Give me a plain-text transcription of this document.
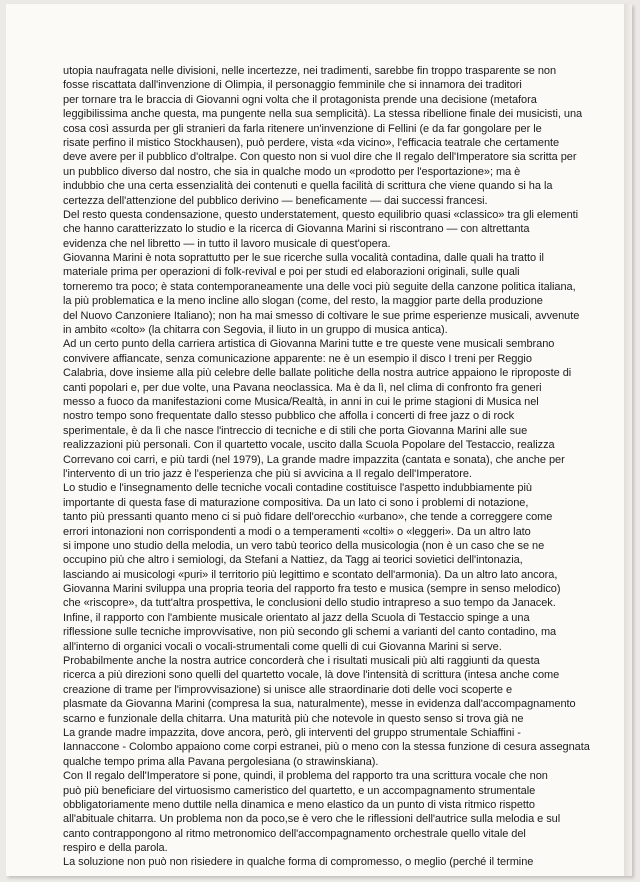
utopia naufragata nelle divisioni, nelle incertezze, nei tradimenti, sarebbe fin troppo trasparente se non
fosse riscattata dall'invenzione di Olimpia, il personaggio femminile che si innamora dei traditori
per tornare tra le braccia di Giovanni ogni volta che il protagonista prende una decisione (metafora
leggibilissima anche questa, ma pungente nella sua semplicità). La stessa ribellione finale dei musicisti, una
cosa così assurda per gli stranieri da farla ritenere un'invenzione di Fellini (e da far gongolare per le
risate perfino il mistico Stockhausen), può perdere, vista «da vicino», l'efficacia teatrale che certamente
deve avere per il pubblico d'oltralpe. Con questo non si vuol dire che Il regalo dell'Imperatore sia scritta per
un pubblico diverso dal nostro, che sia in qualche modo un «prodotto per l'esportazione»; ma è
indubbio che una certa essenzialità dei contenuti e quella facilità di scrittura che viene quando si ha la
certezza dell'attenzione del pubblico derivino — beneficamente — dai successi francesi.
Del resto questa condensazione, questo understatement, questo equilibrio quasi «classico» tra gli elementi
che hanno caratterizzato lo studio e la ricerca di Giovanna Marini si riscontrano — con altrettanta
evidenza che nel libretto — in tutto il lavoro musicale di quest'opera.
Giovanna Marini è nota soprattutto per le sue ricerche sulla vocalità contadina, dalle quali ha tratto il
materiale prima per operazioni di folk-revival e poi per studi ed elaborazioni originali, sulle quali
torneremo tra poco; è stata contemporaneamente una delle voci più seguite della canzone politica italiana,
la più problematica e la meno incline allo slogan (come, del resto, la maggior parte della produzione
del Nuovo Canzoniere Italiano); non ha mai smesso di coltivare le sue prime esperienze musicali, avvenute
in ambito «colto» (la chitarra con Segovia, il liuto in un gruppo di musica antica).
Ad un certo punto della carriera artistica di Giovanna Marini tutte e tre queste vene musicali sembrano
convivere affiancate, senza comunicazione apparente: ne è un esempio il disco I treni per Reggio
Calabria, dove insieme alla più celebre delle ballate politiche della nostra autrice appaiono le riproposte di
canti popolari e, per due volte, una Pavana neoclassica. Ma è da lì, nel clima di confronto fra generi
messo a fuoco da manifestazioni come Musica/Realtà, in anni in cui le prime stagioni di Musica nel
nostro tempo sono frequentate dallo stesso pubblico che affolla i concerti di free jazz o di rock
sperimentale, è da lì che nasce l'intreccio di tecniche e di stili che porta Giovanna Marini alle sue
realizzazioni più personali. Con il quartetto vocale, uscito dalla Scuola Popolare del Testaccio, realizza
Correvano coi carri, e più tardi (nel 1979), La grande madre impazzita (cantata e sonata), che anche per
l'intervento di un trio jazz è l'esperienza che più si avvicina a Il regalo dell'Imperatore.
Lo studio e l'insegnamento delle tecniche vocali contadine costituisce l'aspetto indubbiamente più
importante di questa fase di maturazione compositiva. Da un lato ci sono i problemi di notazione,
tanto più pressanti quanto meno ci si può fidare dell'orecchio «urbano», che tende a correggere come
errori intonazioni non corrispondenti a modi o a temperamenti «colti» o «leggeri». Da un altro lato
si impone uno studio della melodia, un vero tabù teorico della musicologia (non è un caso che se ne
occupino più che altro i semiologi, da Stefani a Nattiez, da Tagg ai teorici sovietici dell'intonazia,
lasciando ai musicologi «puri» il territorio più legittimo e scontato dell'armonia). Da un altro lato ancora,
Giovanna Marini sviluppa una propria teoria del rapporto fra testo e musica (sempre in senso melodico)
che «riscopre», da tutt'altra prospettiva, le conclusioni dello studio intrapreso a suo tempo da Janacek.
Infine, il rapporto con l'ambiente musicale orientato al jazz della Scuola di Testaccio spinge a una
riflessione sulle tecniche improvvisative, non più secondo gli schemi a varianti del canto contadino, ma
all'interno di organici vocali o vocali-strumentali come quelli di cui Giovanna Marini si serve.
Probabilmente anche la nostra autrice concorderà che i risultati musicali più alti raggiunti da questa
ricerca a più direzioni sono quelli del quartetto vocale, là dove l'intensità di scrittura (intesa anche come
creazione di trame per l'improvvisazione) si unisce alle straordinarie doti delle voci scoperte e
plasmate da Giovanna Marini (compresa la sua, naturalmente), messe in evidenza dall'accompagnamento
scarno e funzionale della chitarra. Una maturità più che notevole in questo senso si trova già ne
La grande madre impazzita, dove ancora, però, gli interventi del gruppo strumentale Schiaffini -
Iannaccone - Colombo appaiono come corpi estranei, più o meno con la stessa funzione di cesura assegnata
qualche tempo prima alla Pavana pergolesiana (o strawinskiana).
Con Il regalo dell'Imperatore si pone, quindi, il problema del rapporto tra una scrittura vocale che non
può più beneficiare del virtuosismo cameristico del quartetto, e un accompagnamento strumentale
obbligatoriamente meno duttile nella dinamica e meno elastico da un punto di vista ritmico rispetto
all'abituale chitarra. Un problema non da poco,se è vero che le riflessioni dell'autrice sulla melodia e sul
canto contrappongono al ritmo metronomico dell'accompagnamento orchestrale quello vitale del
respiro e della parola.
La soluzione non può non risiedere in qualche forma di compromesso, o meglio (perché il termine
